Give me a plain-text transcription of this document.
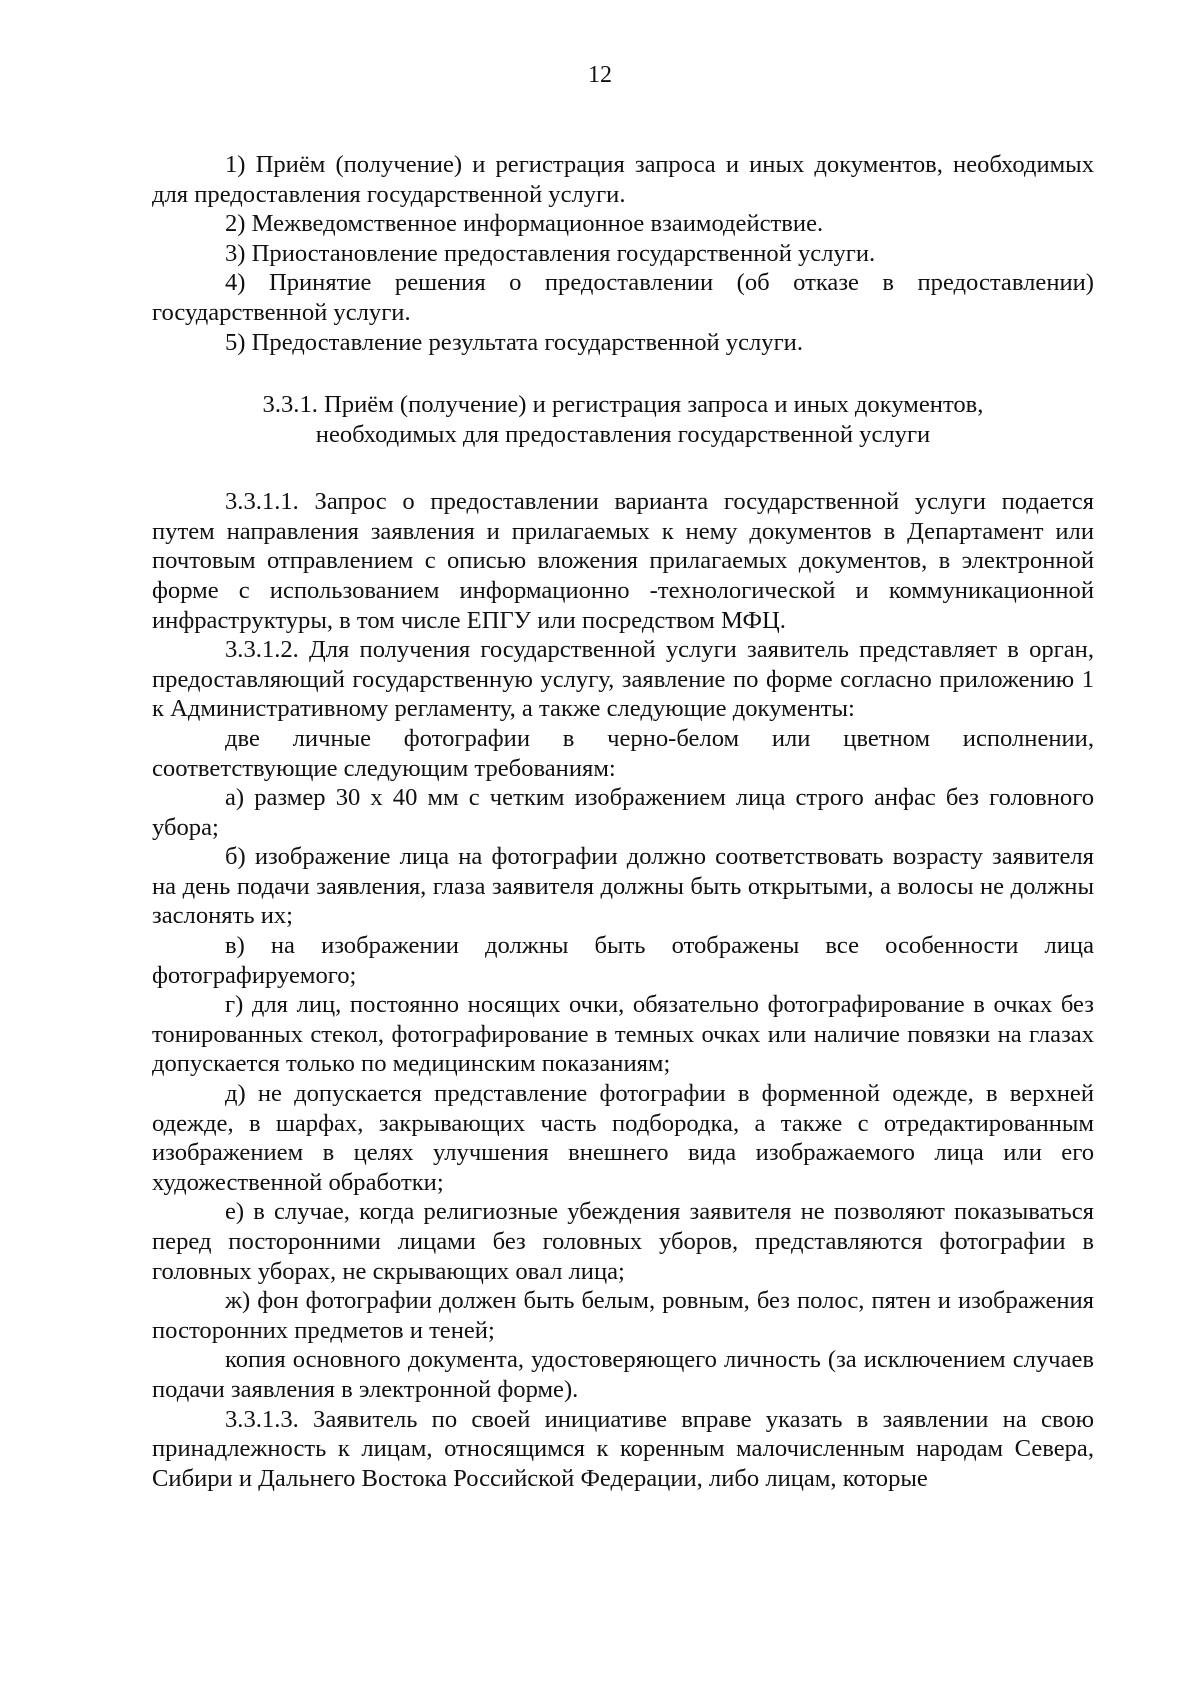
12

1) Приём (получение) и регистрация запроса и иных документов, необходимых для предоставления государственной услуги.

2) Межведомственное информационное взаимодействие.

3) Приостановление предоставления государственной услуги.

4) Принятие решения о предоставлении (об отказе в предоставлении) государственной услуги.

5) Предоставление результата государственной услуги.

3.3.1. Приём (получение) и регистрация запроса и иных документов,
необходимых для предоставления государственной услуги

3.3.1.1. Запрос о предоставлении варианта государственной услуги подается путем направления заявления и прилагаемых к нему документов в Департамент или почтовым отправлением с описью вложения прилагаемых документов, в электронной форме с использованием информационно -технологической и коммуникационной инфраструктуры, в том числе ЕПГУ или посредством МФЦ.

3.3.1.2. Для получения государственной услуги заявитель представляет в орган, предоставляющий государственную услугу, заявление по форме согласно приложению 1 к Административному регламенту, а также следующие документы:

две личные фотографии в черно-белом или цветном исполнении, соответствующие следующим требованиям:

а) размер 30 х 40 мм с четким изображением лица строго анфас без головного убора;

б) изображение лица на фотографии должно соответствовать возрасту заявителя на день подачи заявления, глаза заявителя должны быть открытыми, а волосы не должны заслонять их;

в) на изображении должны быть отображены все особенности лица фотографируемого;

г) для лиц, постоянно носящих очки, обязательно фотографирование в очках без тонированных стекол, фотографирование в темных очках или наличие повязки на глазах допускается только по медицинским показаниям;

д) не допускается представление фотографии в форменной одежде, в верхней одежде, в шарфах, закрывающих часть подбородка, а также с отредактированным изображением в целях улучшения внешнего вида изображаемого лица или его художественной обработки;

е) в случае, когда религиозные убеждения заявителя не позволяют показываться перед посторонними лицами без головных уборов, представляются фотографии в головных уборах, не скрывающих овал лица;

ж) фон фотографии должен быть белым, ровным, без полос, пятен и изображения посторонних предметов и теней;

копия основного документа, удостоверяющего личность (за исключением случаев подачи заявления в электронной форме).

3.3.1.3. Заявитель по своей инициативе вправе указать в заявлении на свою принадлежность к лицам, относящимся к коренным малочисленным народам Севера, Сибири и Дальнего Востока Российской Федерации, либо лицам, которые
